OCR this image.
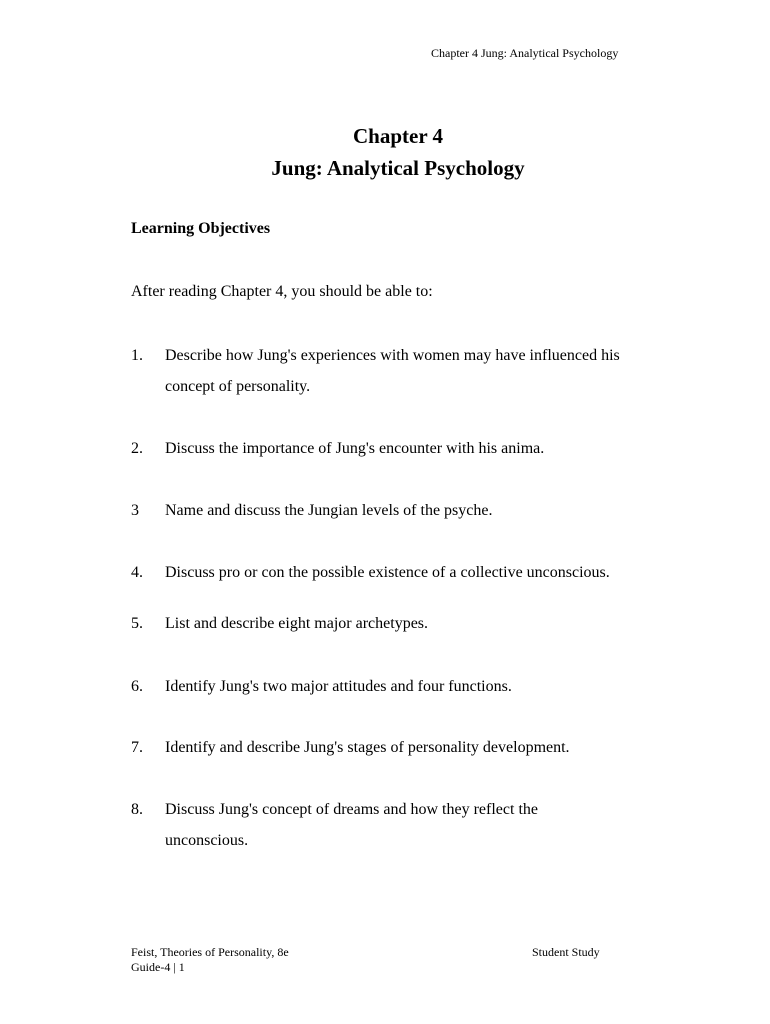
Chapter 4 Jung: Analytical Psychology
Chapter 4
Jung: Analytical Psychology
Learning Objectives
After reading Chapter 4, you should be able to:
1. Describe how Jung's experiences with women may have influenced his concept of personality.
2. Discuss the importance of Jung's encounter with his anima.
3 Name and discuss the Jungian levels of the psyche.
4. Discuss pro or con the possible existence of a collective unconscious.
5. List and describe eight major archetypes.
6. Identify Jung's two major attitudes and four functions.
7. Identify and describe Jung's stages of personality development.
8. Discuss Jung's concept of dreams and how they reflect the unconscious.
Feist, Theories of Personality, 8e
Guide-4 | 1
Student Study
